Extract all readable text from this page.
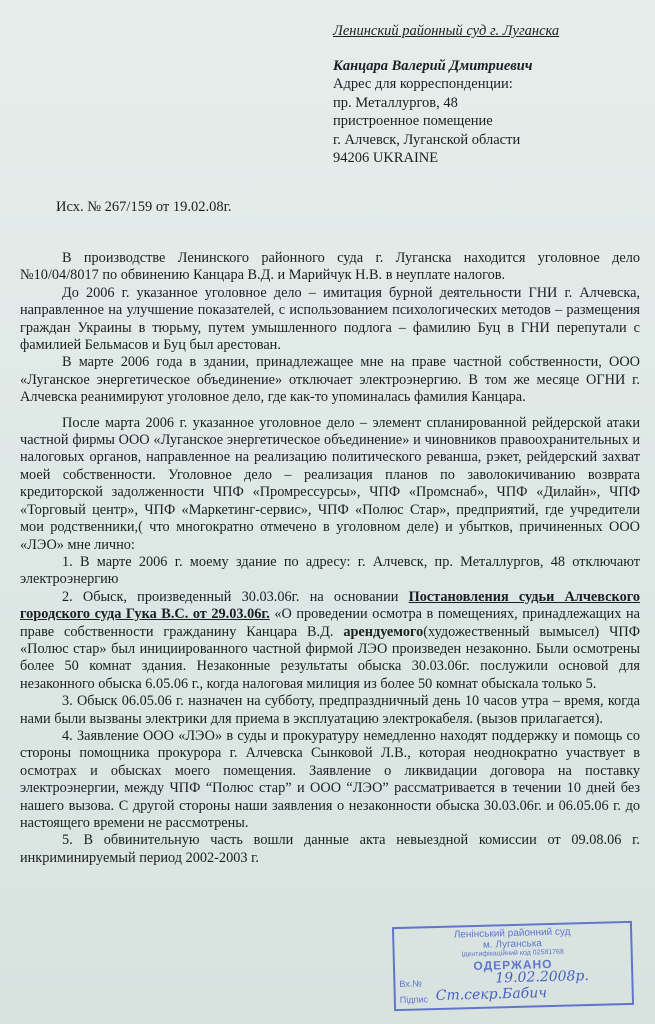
Ленинский районный суд г. Луганска
Канцара Валерий Дмитриевич
Адрес для корреспонденции:
пр. Металлургов, 48
пристроенное помещение
г. Алчевск, Луганской области
94206 UKRAINE
Исх. № 267/159 от 19.02.08г.

В производстве Ленинского районного суда г. Луганска находится уголовное дело №10/04/8017 по обвинению Канцара В.Д. и Марийчук Н.В. в неуплате налогов.

До 2006 г. указанное уголовное дело – имитация бурной деятельности ГНИ г. Алчевска, направленное на улучшение показателей, с использованием психологических методов – размещения граждан Украины в тюрьму, путем умышленного подлога – фамилию Буц в ГНИ перепутали с фамилией Бельмасов и Буц был арестован.

В марте 2006 года в здании, принадлежащее мне на праве частной собственности, ООО «Луганское энергетическое объединение» отключает электроэнергию. В том же месяце ОГНИ г. Алчевска реанимируют уголовное дело, где как-то упоминалась фамилия Канцара.

После марта 2006 г. указанное уголовное дело – элемент спланированной рейдерской атаки частной фирмы ООО «Луганское энергетическое объединение» и чиновников правоохранительных и налоговых органов, направленное на реализацию политического реванша, рэкет, рейдерский захват моей собственности. Уголовное дело – реализация планов по заволокичиванию возврата кредиторской задолженности ЧПФ «Промрессурсы», ЧПФ «Промснаб», ЧПФ «Дилайн», ЧПФ «Торговый центр», ЧПФ «Маркетинг-сервис», ЧПФ «Полюс Стар», предприятий, где учредители мои родственники,( что многократно отмечено в уголовном деле) и убытков, причиненных ООО «ЛЭО» мне лично:

1. В марте 2006 г. моему здание по адресу: г. Алчевск, пр. Металлургов, 48 отключают электроэнергию

2. Обыск, произведенный 30.03.06г. на основании Постановления судьи Алчевского городского суда Гука В.С. от 29.03.06г. «О проведении осмотра в помещениях, принадлежащих на праве собственности гражданину Канцара В.Д. арендуемого(художественный вымысел) ЧПФ «Полюс стар» был инициированного частной фирмой ЛЭО произведен незаконно. Были осмотрены более 50 комнат здания. Незаконные результаты обыска 30.03.06г. послужили основой для незаконного обыска 6.05.06 г., когда налоговая милиция из более 50 комнат обыскала только 5.

3. Обыск 06.05.06 г. назначен на субботу, предпраздничный день 10 часов утра – время, когда нами были вызваны электрики для приема в эксплуатацию электрокабеля. (вызов прилагается).

4. Заявление ООО «ЛЭО» в суды и прокуратуру немедленно находят поддержку и помощь со стороны помощника прокурора г. Алчевска Сынковой Л.В., которая неоднократно участвует в осмотрах и обысках моего помещения. Заявление о ликвидации договора на поставку электроэнергии, между ЧПФ “Полюс стар” и ООО “ЛЭО” рассматривается в течении 10 дней без нашего вызова. С другой стороны наши заявления о незаконности обыска 30.03.06г. и 06.05.06 г. до настоящего времени не рассмотрены.

5. В обвинительную часть вошли данные акта невыездной комиссии от 09.08.06 г. инкриминируемый период 2002-2003 г.

Ленінський районний суд
м. Луганська
Ідентифікаційний код 02581768
ОДЕРЖАНО
Вх.№
Підпис
19.02.2008р.
Ст.секр.Бабич
